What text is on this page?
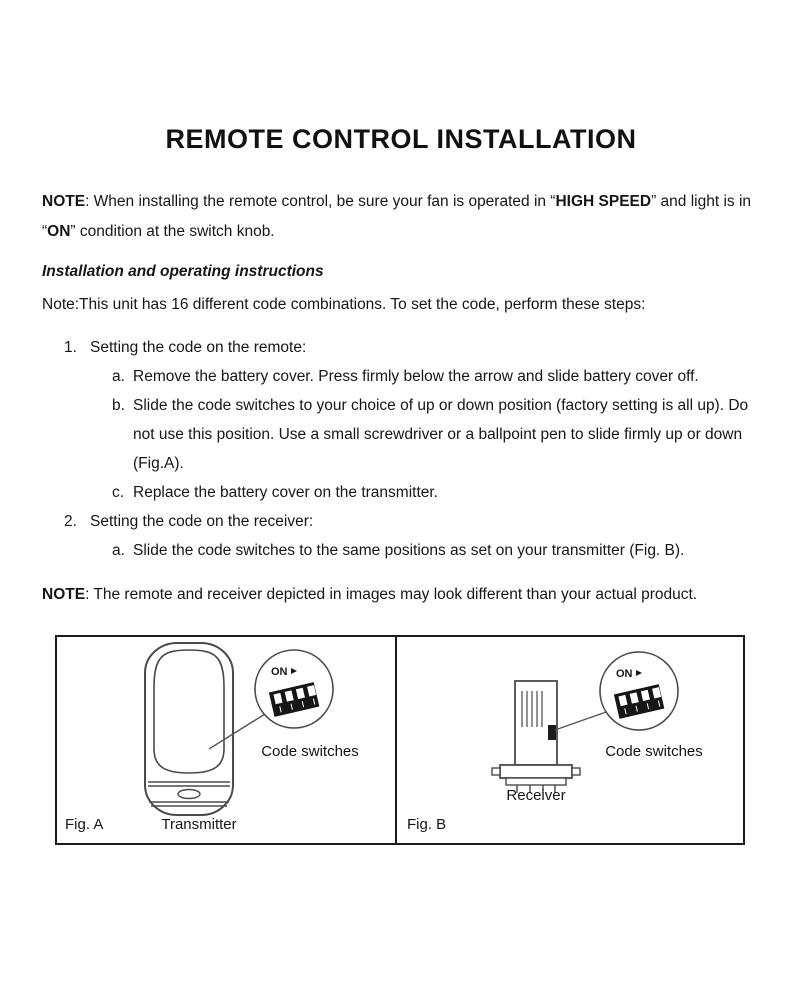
REMOTE CONTROL INSTALLATION

NOTE: When installing the remote control, be sure your fan is operated in “HIGH SPEED” and light is in “ON” condition at the switch knob.

Installation and operating instructions

Note:This unit has 16 different code combinations. To set the code, perform these steps:

1. Setting the code on the remote:
a. Remove the battery cover. Press firmly below the arrow and slide battery cover off.
b. Slide the code switches to your choice of up or down position (factory setting is all up). Do not use this position. Use a small screwdriver or a ballpoint pen to slide firmly up or down (Fig.A).
c. Replace the battery cover on the transmitter.
2. Setting the code on the receiver:
a. Slide the code switches to the same positions as set on your transmitter (Fig. B).

NOTE: The remote and receiver depicted in images may look different than your actual product.

ON
Code switches
Fig. A	Transmitter
ON
Code switches
Receiver
Fig. B
